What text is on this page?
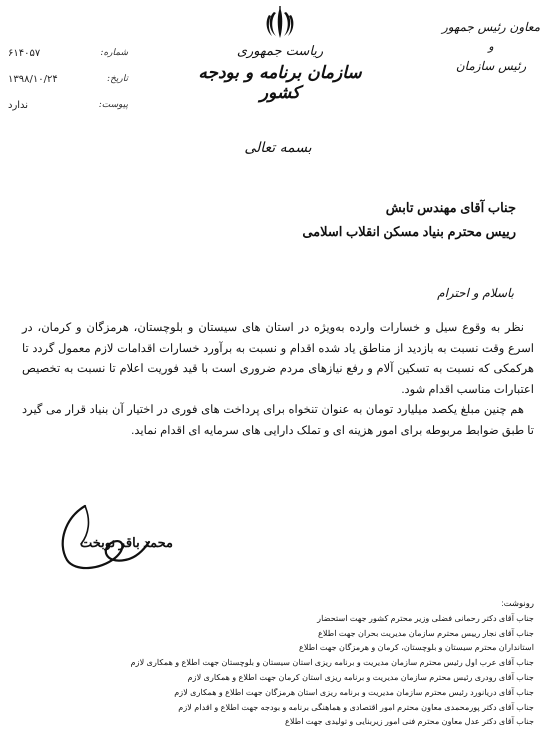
۶۱۴۰۵۷	شماره:
۱۳۹۸/۱۰/۲۴	تاریخ:
ندارد	پیوست:
ریاست جمهوری
سازمان برنامه و بودجه کشور
معاون رئیس جمهور
و
رئیس سازمان
بسمه تعالی
جناب آقای مهندس تابش
رییس محترم بنیاد مسکن انقلاب اسلامی
باسلام و احترام

نظر به وقوع سیل و خسارات وارده به‌ویژه در استان های سیستان و بلوچستان، هرمزگان و کرمان، در اسرع وقت نسبت به بازدید از مناطق یاد شده اقدام و نسبت به برآورد خسارات اقدامات لازم معمول گردد تا هرکمکی که نسبت به تسکین آلام و رفع نیازهای مردم ضروری است با قید فوریت اعلام تا نسبت به تخصیص اعتبارات مناسب اقدام شود.

هم چنین مبلغ یکصد میلیارد تومان به عنوان تنخواه برای پرداخت های فوری در اختیار آن بنیاد قرار می گیرد تا طبق ضوابط مربوطه برای امور هزینه ای و تملک دارایی های سرمایه ای اقدام نماید.

محمد باقر نوبخت
رونوشت:
جناب آقای دکتر رحمانی فضلی وزیر محترم کشور جهت استحضار
جناب آقای نجار رییس محترم سازمان مدیریت بحران جهت اطلاع
استانداران محترم سیستان و بلوچستان، کرمان و هرمزگان جهت اطلاع
جناب آقای عرب اول رئیس محترم سازمان مدیریت و برنامه ریزی استان سیستان و بلوچستان جهت اطلاع و همکاری لازم
جناب آقای رودری رئیس محترم سازمان مدیریت و برنامه ریزی استان کرمان جهت اطلاع و همکاری لازم
جناب آقای دریانورد رئیس محترم سازمان مدیریت و برنامه ریزی استان هرمزگان جهت اطلاع و همکاری لازم
جناب آقای دکتر پورمحمدی معاون محترم امور اقتصادی و هماهنگی برنامه و بودجه جهت اطلاع و اقدام لازم
جناب آقای دکتر عدل معاون محترم فنی امور زیربنایی و تولیدی جهت اطلاع
